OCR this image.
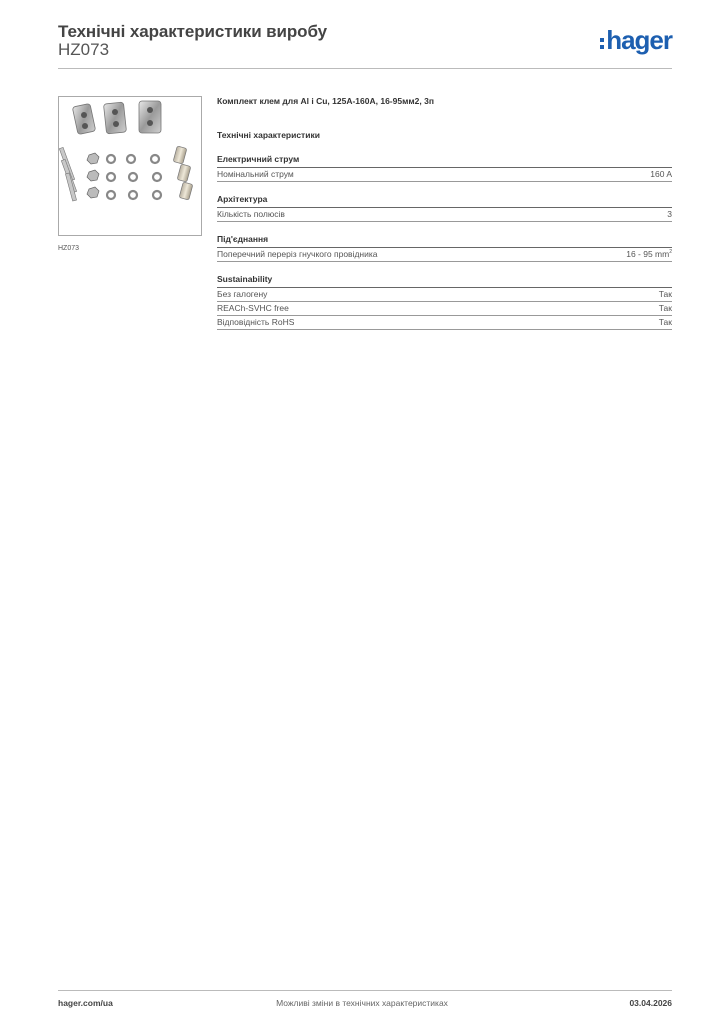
Технічні характеристики виробу
HZ073	hager
HZ073
Комплект клем для Al і Cu, 125A-160A, 16-95мм2, 3п
Технічні характеристики
Електричний струм
Номінальний струм	160 A
Архітектура
Кількість полюсів	3
Під'єднання
Поперечний переріз гнучкого провідника	16 - 95 $mm^2$
Sustainability
Без галогену	Так
REACh-SVHC free	Так
Відповідність RoHS	Так
hager.com/ua	Можливі зміни в технічних характеристиках	03.04.2026
